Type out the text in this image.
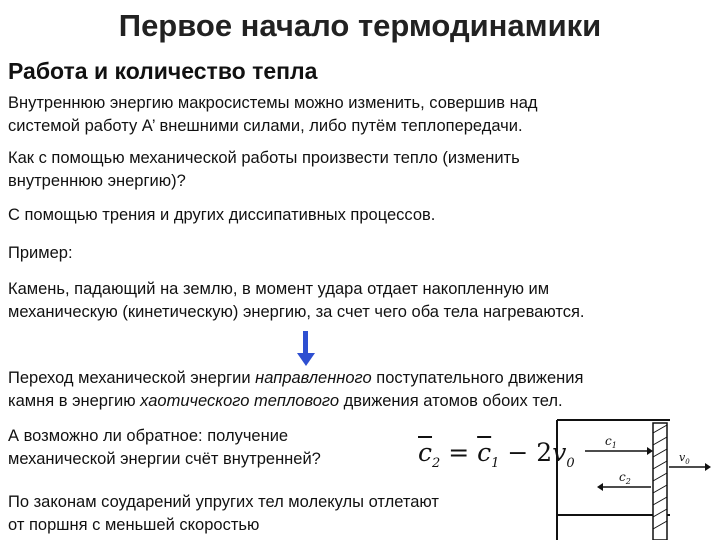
Первое начало термодинамики
Работа и количество тепла
Внутреннюю энергию макросистемы можно изменить, совершив над
системой работу А’ внешними силами, либо путём теплопередачи.
Как с помощью механической работы произвести тепло (изменить
внутреннюю энергию)?
С помощью трения и других диссипативных процессов.
Пример:
Камень, падающий на землю, в момент удара отдает накопленную им
механическую (кинетическую) энергию, за счет чего оба тела нагреваются.
Переход механической энергии направленного поступательного движения
камня в энергию хаотического теплового движения атомов обоих тел.
А возможно ли обратное: получение
механической энергии счёт внутренней?	$\overline{c}_2 = \overline{c}_1 - 2v_0$
$c_1$
$c_2$
$v_0$
По законам соударений упругих тел молекулы отлетают
от поршня с меньшей скоростью
